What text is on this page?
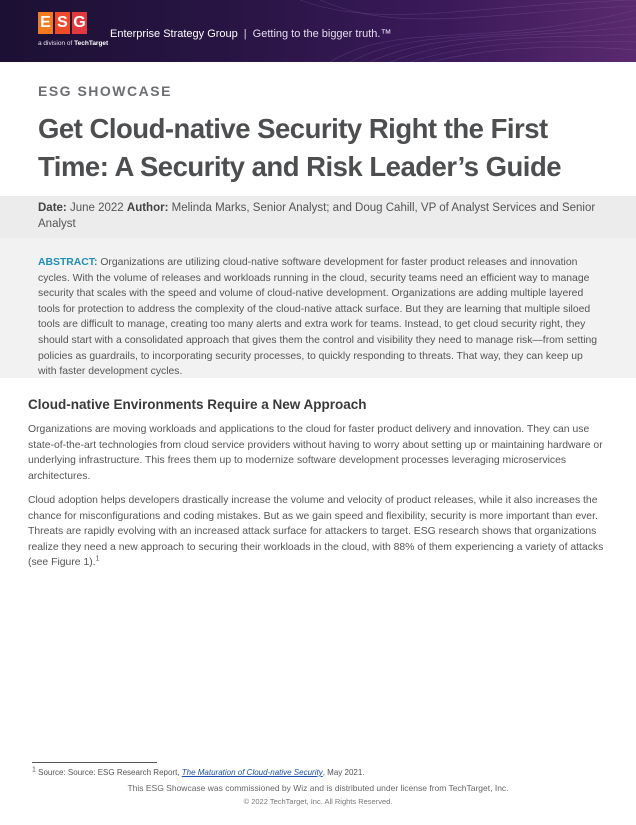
E S G
a division of TechTarget
Enterprise Strategy Group | Getting to the bigger truth.™
ESG SHOWCASE
Get Cloud-native Security Right the First Time: A Security and Risk Leader’s Guide
Date: June 2022 Author: Melinda Marks, Senior Analyst; and Doug Cahill, VP of Analyst Services and Senior Analyst
ABSTRACT: Organizations are utilizing cloud-native software development for faster product releases and innovation cycles. With the volume of releases and workloads running in the cloud, security teams need an efficient way to manage security that scales with the speed and volume of cloud-native development. Organizations are adding multiple layered tools for protection to address the complexity of the cloud-native attack surface. But they are learning that multiple siloed tools are difficult to manage, creating too many alerts and extra work for teams. Instead, to get cloud security right, they should start with a consolidated approach that gives them the control and visibility they need to manage risk—from setting policies as guardrails, to incorporating security processes, to quickly responding to threats. That way, they can keep up with faster development cycles.
Cloud-native Environments Require a New Approach
Organizations are moving workloads and applications to the cloud for faster product delivery and innovation. They can use state-of-the-art technologies from cloud service providers without having to worry about setting up or maintaining hardware or underlying infrastructure. This frees them up to modernize software development processes leveraging microservices architectures.
Cloud adoption helps developers drastically increase the volume and velocity of product releases, while it also increases the chance for misconfigurations and coding mistakes. But as we gain speed and flexibility, security is more important than ever. Threats are rapidly evolving with an increased attack surface for attackers to target. ESG research shows that organizations realize they need a new approach to securing their workloads in the cloud, with 88% of them experiencing a variety of attacks (see Figure 1).$^1$
$^1$ Source: Source: ESG Research Report, The Maturation of Cloud-native Security, May 2021.
This ESG Showcase was commissioned by Wiz and is distributed under license from TechTarget, Inc.
© 2022 TechTarget, Inc. All Rights Reserved.
